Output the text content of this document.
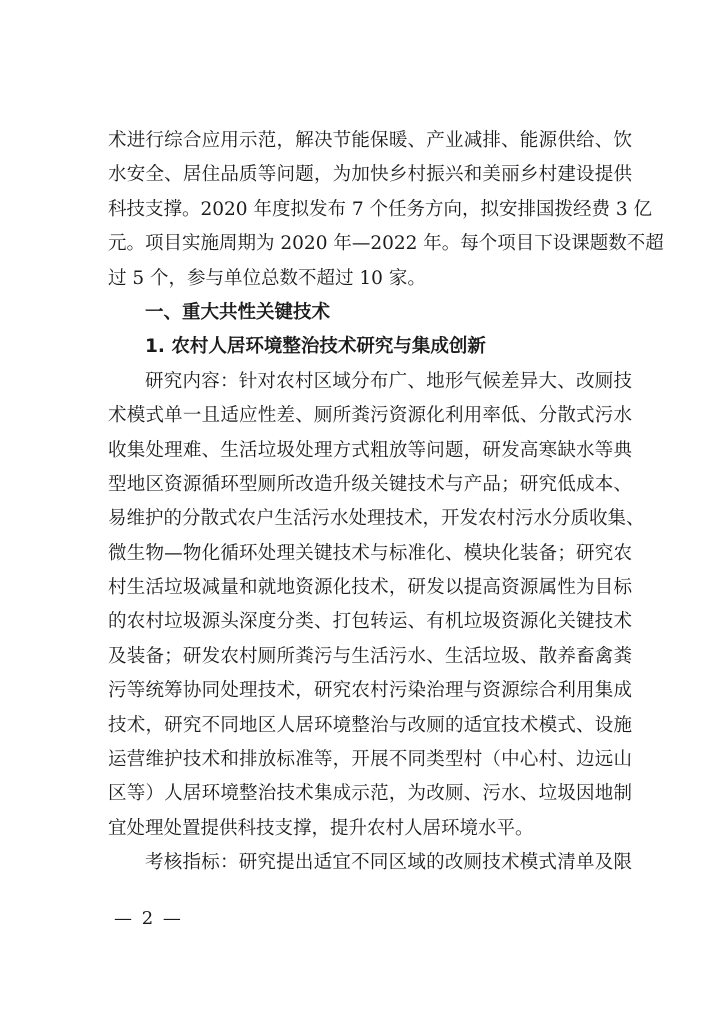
术进行综合应用示范，解决节能保暖、产业减排、能源供给、饮
水安全、居住品质等问题，为加快乡村振兴和美丽乡村建设提供
科技支撑。2020 年度拟发布 7 个任务方向，拟安排国拨经费 3 亿
元。项目实施周期为 2020 年—2022 年。每个项目下设课题数不超
过 5 个，参与单位总数不超过 10 家。
一、重大共性关键技术
1. 农村人居环境整治技术研究与集成创新
研究内容：针对农村区域分布广、地形气候差异大、改厕技
术模式单一且适应性差、厕所粪污资源化利用率低、分散式污水
收集处理难、生活垃圾处理方式粗放等问题，研发高寒缺水等典
型地区资源循环型厕所改造升级关键技术与产品；研究低成本、
易维护的分散式农户生活污水处理技术，开发农村污水分质收集、
微生物—物化循环处理关键技术与标准化、模块化装备；研究农
村生活垃圾减量和就地资源化技术，研发以提高资源属性为目标
的农村垃圾源头深度分类、打包转运、有机垃圾资源化关键技术
及装备；研发农村厕所粪污与生活污水、生活垃圾、散养畜禽粪
污等统筹协同处理技术，研究农村污染治理与资源综合利用集成
技术，研究不同地区人居环境整治与改厕的适宜技术模式、设施
运营维护技术和排放标准等，开展不同类型村（中心村、边远山
区等）人居环境整治技术集成示范，为改厕、污水、垃圾因地制
宜处理处置提供科技支撑，提升农村人居环境水平。
考核指标：研究提出适宜不同区域的改厕技术模式清单及限
— 2 —
